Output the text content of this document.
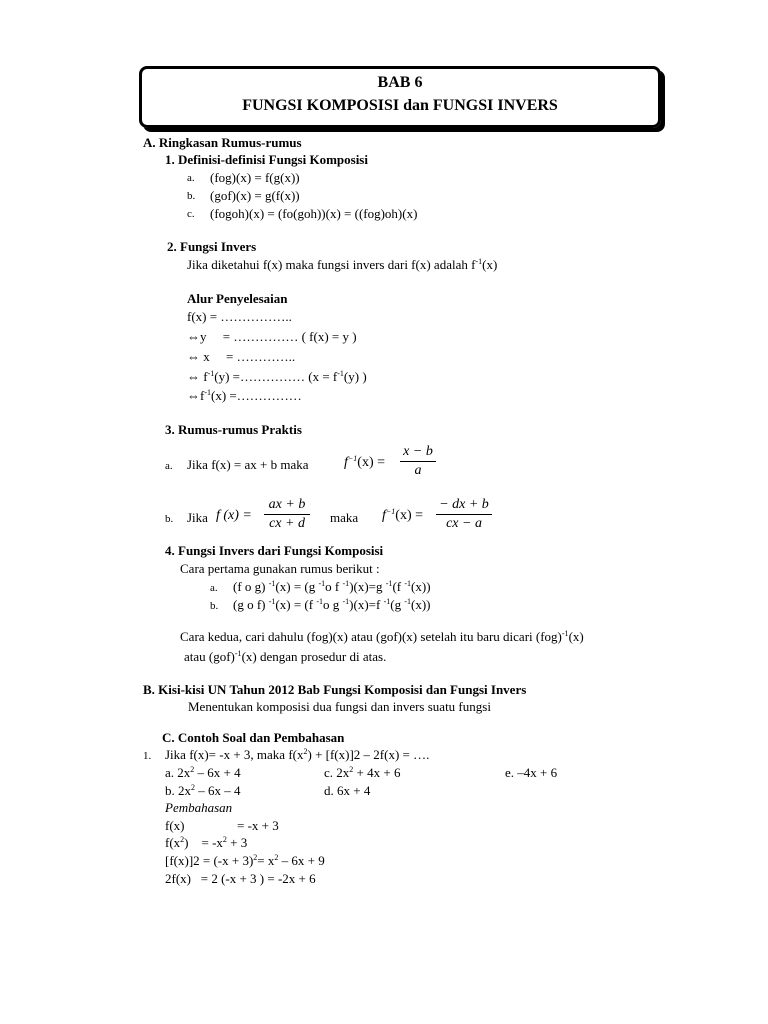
BAB 6
FUNGSI KOMPOSISI dan FUNGSI INVERS
A. Ringkasan Rumus-rumus
1. Definisi-definisi Fungsi Komposisi
a. (fog)(x) = f(g(x))
b. (gof)(x) = g(f(x))
c. (fogoh)(x) = (fo(goh))(x) = ((fog)oh)(x)
2. Fungsi Invers
Jika diketahui f(x) maka fungsi invers dari f(x) adalah $f^{-1}(x)$
Alur Penyelesaian
f(x) = ……………..
⇔y     = …………… ( f(x) = y )
⇔ x     = …………..
⇔ $f^{-1}(y)$ =…………… ($x = f^{-1}(y)$ )
$\Leftrightarrow f^{-1}(x)$ =……………
3. Rumus-rumus Praktis
a. Jika f(x) = ax + b maka	$f^{-1}(x)$ =
x − b
a
b. Jika f (x) =
ax + b
cx + d	maka $f^{-1}(x)$ =
− dx + b
cx − a
4. Fungsi Invers dari Fungsi Komposisi
Cara pertama gunakan rumus berikut :
a. (f o g) $^{-1}$(x) = (g $^{-1}$o f $^{-1}$)(x)=g $^{-1}$(f $^{-1}$(x))
b. (g o f) $^{-1}$(x) = (f $^{-1}$o g $^{-1}$)(x)=f $^{-1}$(g $^{-1}$(x))
Cara kedua, cari dahulu (fog)(x) atau (gof)(x) setelah itu baru dicari (fog)$^{-1}$(x)
atau (gof)$^{-1}$(x) dengan prosedur di atas.
B. Kisi-kisi UN Tahun 2012 Bab Fungsi Komposisi dan Fungsi Invers
Menentukan komposisi dua fungsi dan invers suatu fungsi
C. Contoh Soal dan Pembahasan
1. Jika f(x)= -x + 3, maka $f(x^2) + [f(x)]2 - 2f(x)$ = ….
a. $2x^2 - 6x + 4$	c. $2x^2 + 4x + 6$	e. –4x + 6
b. $2x^2 - 6x - 4$	d. 6x + 4
Pembahasan
f(x)	= -x + 3
$f(x^2)$    = $-x^2 + 3$
$[f(x)]2 = (-x + 3)^2= x^2 - 6x + 9$
2f(x)   = 2 (-x + 3 ) = -2x + 6
